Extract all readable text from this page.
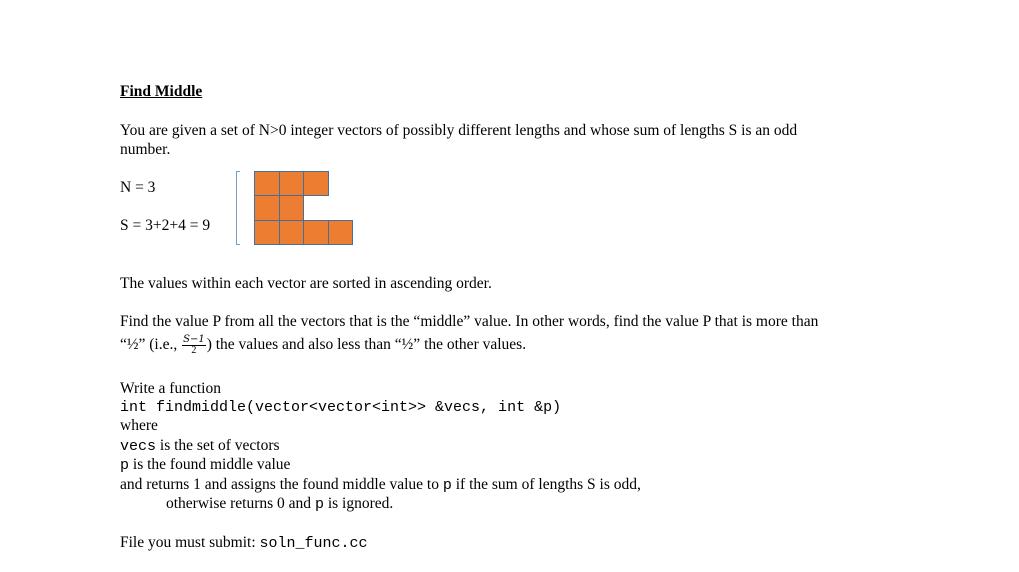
Find Middle
You are given a set of N>0 integer vectors of possibly different lengths and whose sum of lengths S is an odd
number.
N = 3
S = 3+2+4 = 9
The values within each vector are sorted in ascending order.
Find the value P from all the vectors that is the “middle” value. In other words, find the value P that is more than
“½” (i.e., $\frac{S-1}{2}$ ) the values and also less than “½” the other values.
Write a function
int findmiddle(vector<vector<int>> &vecs, int &p)
where
vecs is the set of vectors
p is the found middle value
and returns 1 and assigns the found middle value to p if the sum of lengths S is odd,
otherwise returns 0 and p is ignored.
File you must submit: soln_func.cc
